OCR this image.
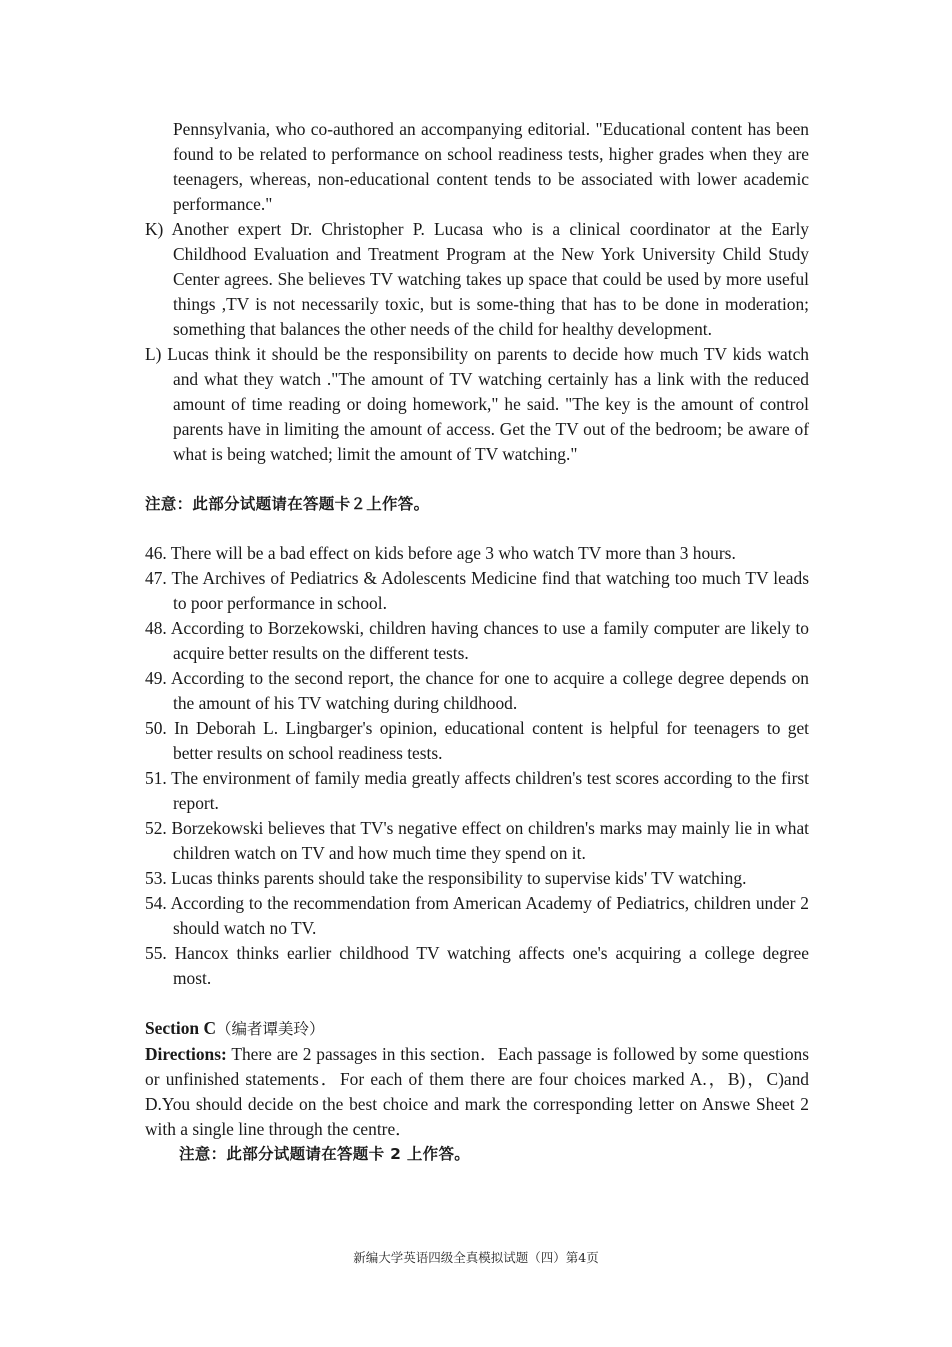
Pennsylvania, who co-authored an accompanying editorial. "Educational content has been found to be related to performance on school readiness tests, higher grades when they are teenagers, whereas, non-educational content tends to be associated with lower academic performance."

K) Another expert Dr. Christopher P. Lucasa who is a clinical coordinator at the Early Childhood Evaluation and Treatment Program at the New York University Child Study Center agrees. She believes TV watching takes up space that could be used by more useful things ,TV is not necessarily toxic, but is some-thing that has to be done in moderation; something that balances the other needs of the child for healthy development.

L) Lucas think it should be the responsibility on parents to decide how much TV kids watch and what they watch ."The amount of TV watching certainly has a link with the reduced amount of time reading or doing homework," he said. "The key is the amount of control parents have in limiting the amount of access. Get the TV out of the bedroom; be aware of what is being watched; limit the amount of TV watching."

注意：此部分试题请在答题卡２上作答。

46. There will be a bad effect on kids before age 3 who watch TV more than 3 hours.

47. The Archives of Pediatrics & Adolescents Medicine find that watching too much TV leads to poor performance in school.

48. According to Borzekowski, children having chances to use a family computer are likely to acquire better results on the different tests.

49. According to the second report, the chance for one to acquire a college degree depends on the amount of his TV watching during childhood.

50. In Deborah L. Lingbarger's opinion, educational content is helpful for teenagers to get better results on school readiness tests.

51. The environment of family media greatly affects children's test scores according to the first report.

52. Borzekowski believes that TV's negative effect on children's marks may mainly lie in what children watch on TV and how much time they spend on it.

53. Lucas thinks parents should take the responsibility to supervise kids' TV watching.

54. According to the recommendation from American Academy of Pediatrics, children under 2 should watch no TV.

55. Hancox thinks earlier childhood TV watching affects one's acquiring a college degree most.

Section C（编者谭美玲）

Directions: There are 2 passages in this section．Each passage is followed by some questions or unfinished statements．For each of them there are four choices marked A.，B)，C)and D.You should decide on the best choice and mark the corresponding letter on Answe Sheet 2 with a single line through the centre．

注意：此部分试题请在答题卡 2 上作答。

新编大学英语四级全真模拟试题（四）第4页
